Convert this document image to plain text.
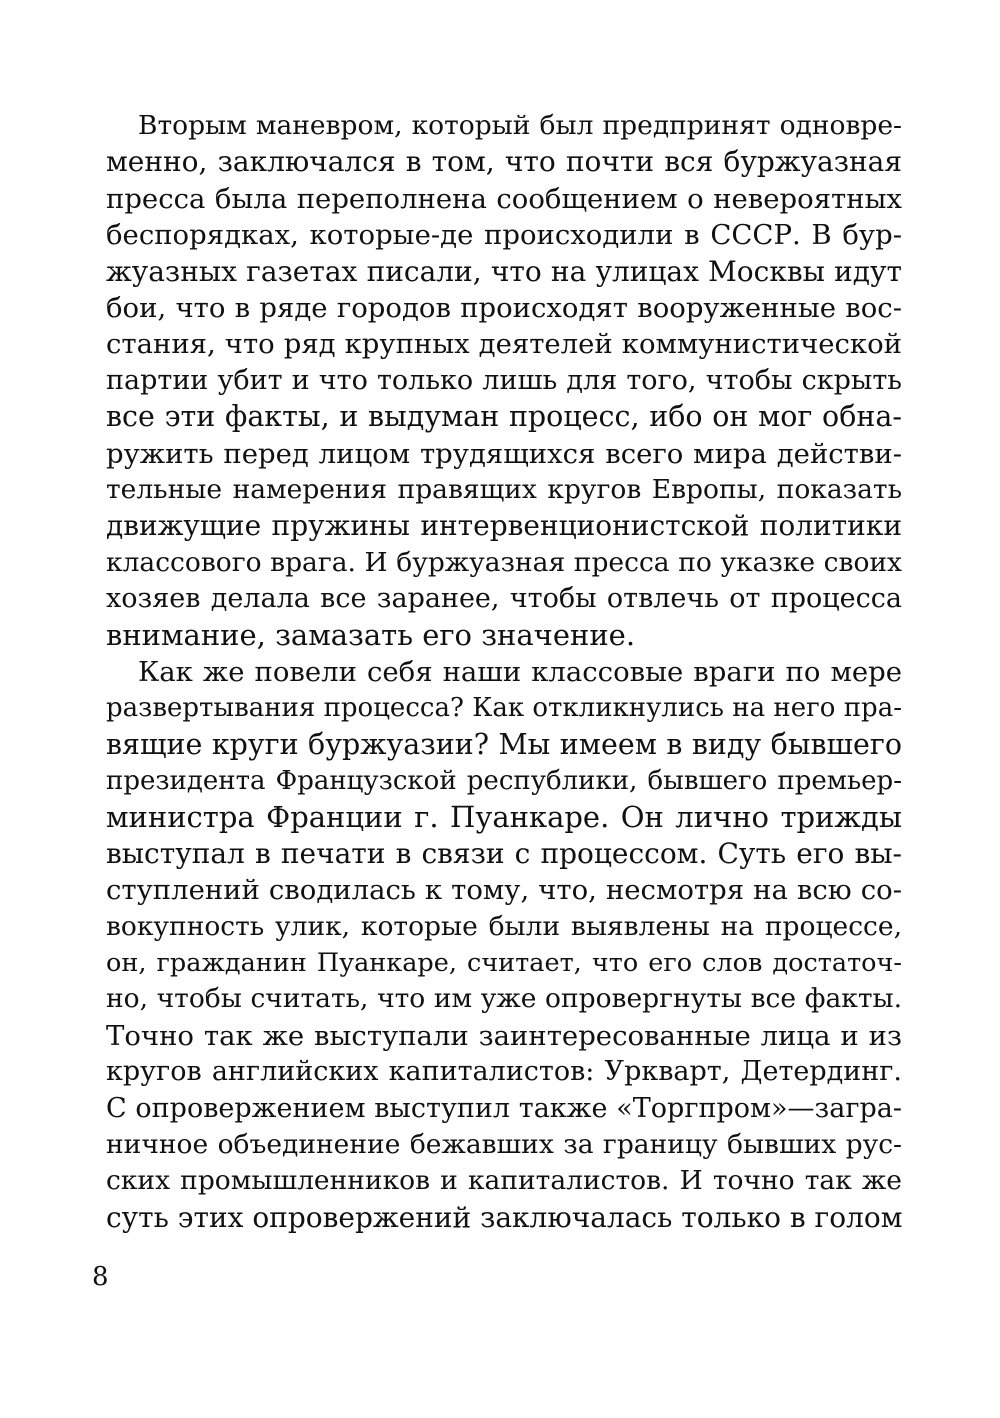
Вторым маневром, который был предпринят одновре-
менно, заключался в том, что почти вся буржуазная
пресса была переполнена сообщением о невероятных
беспорядках, которые-де происходили в СССР. В бур-
жуазных газетах писали, что на улицах Москвы идут
бои, что в ряде городов происходят вооруженные вос-
стания, что ряд крупных деятелей коммунистической
партии убит и что только лишь для того, чтобы скрыть
все эти факты, и выдуман процесс, ибо он мог обна-
ружить перед лицом трудящихся всего мира действи-
тельные намерения правящих кругов Европы, показать
движущие пружины интервенционистской политики
классового врага. И буржуазная пресса по указке своих
хозяев делала все заранее, чтобы отвлечь от процесса
внимание, замазать его значение.
Как же повели себя наши классовые враги по мере
развертывания процесса? Как откликнулись на него пра-
вящие круги буржуазии? Мы имеем в виду бывшего
президента Французской республики, бывшего премьер-
министра Франции г. Пуанкаре. Он лично трижды
выступал в печати в связи с процессом. Суть его вы-
ступлений сводилась к тому, что, несмотря на всю со-
вокупность улик, которые были выявлены на процессе,
он, гражданин Пуанкаре, считает, что его слов достаточ-
но, чтобы считать, что им уже опровергнуты все факты.
Точно так же выступали заинтересованные лица и из
кругов английских капиталистов: Уркварт, Детердинг.
С опровержением выступил также «Торгпром»—загра-
ничное объединение бежавших за границу бывших рус-
ских промышленников и капиталистов. И точно так же
суть этих опровержений заключалась только в голом
8
